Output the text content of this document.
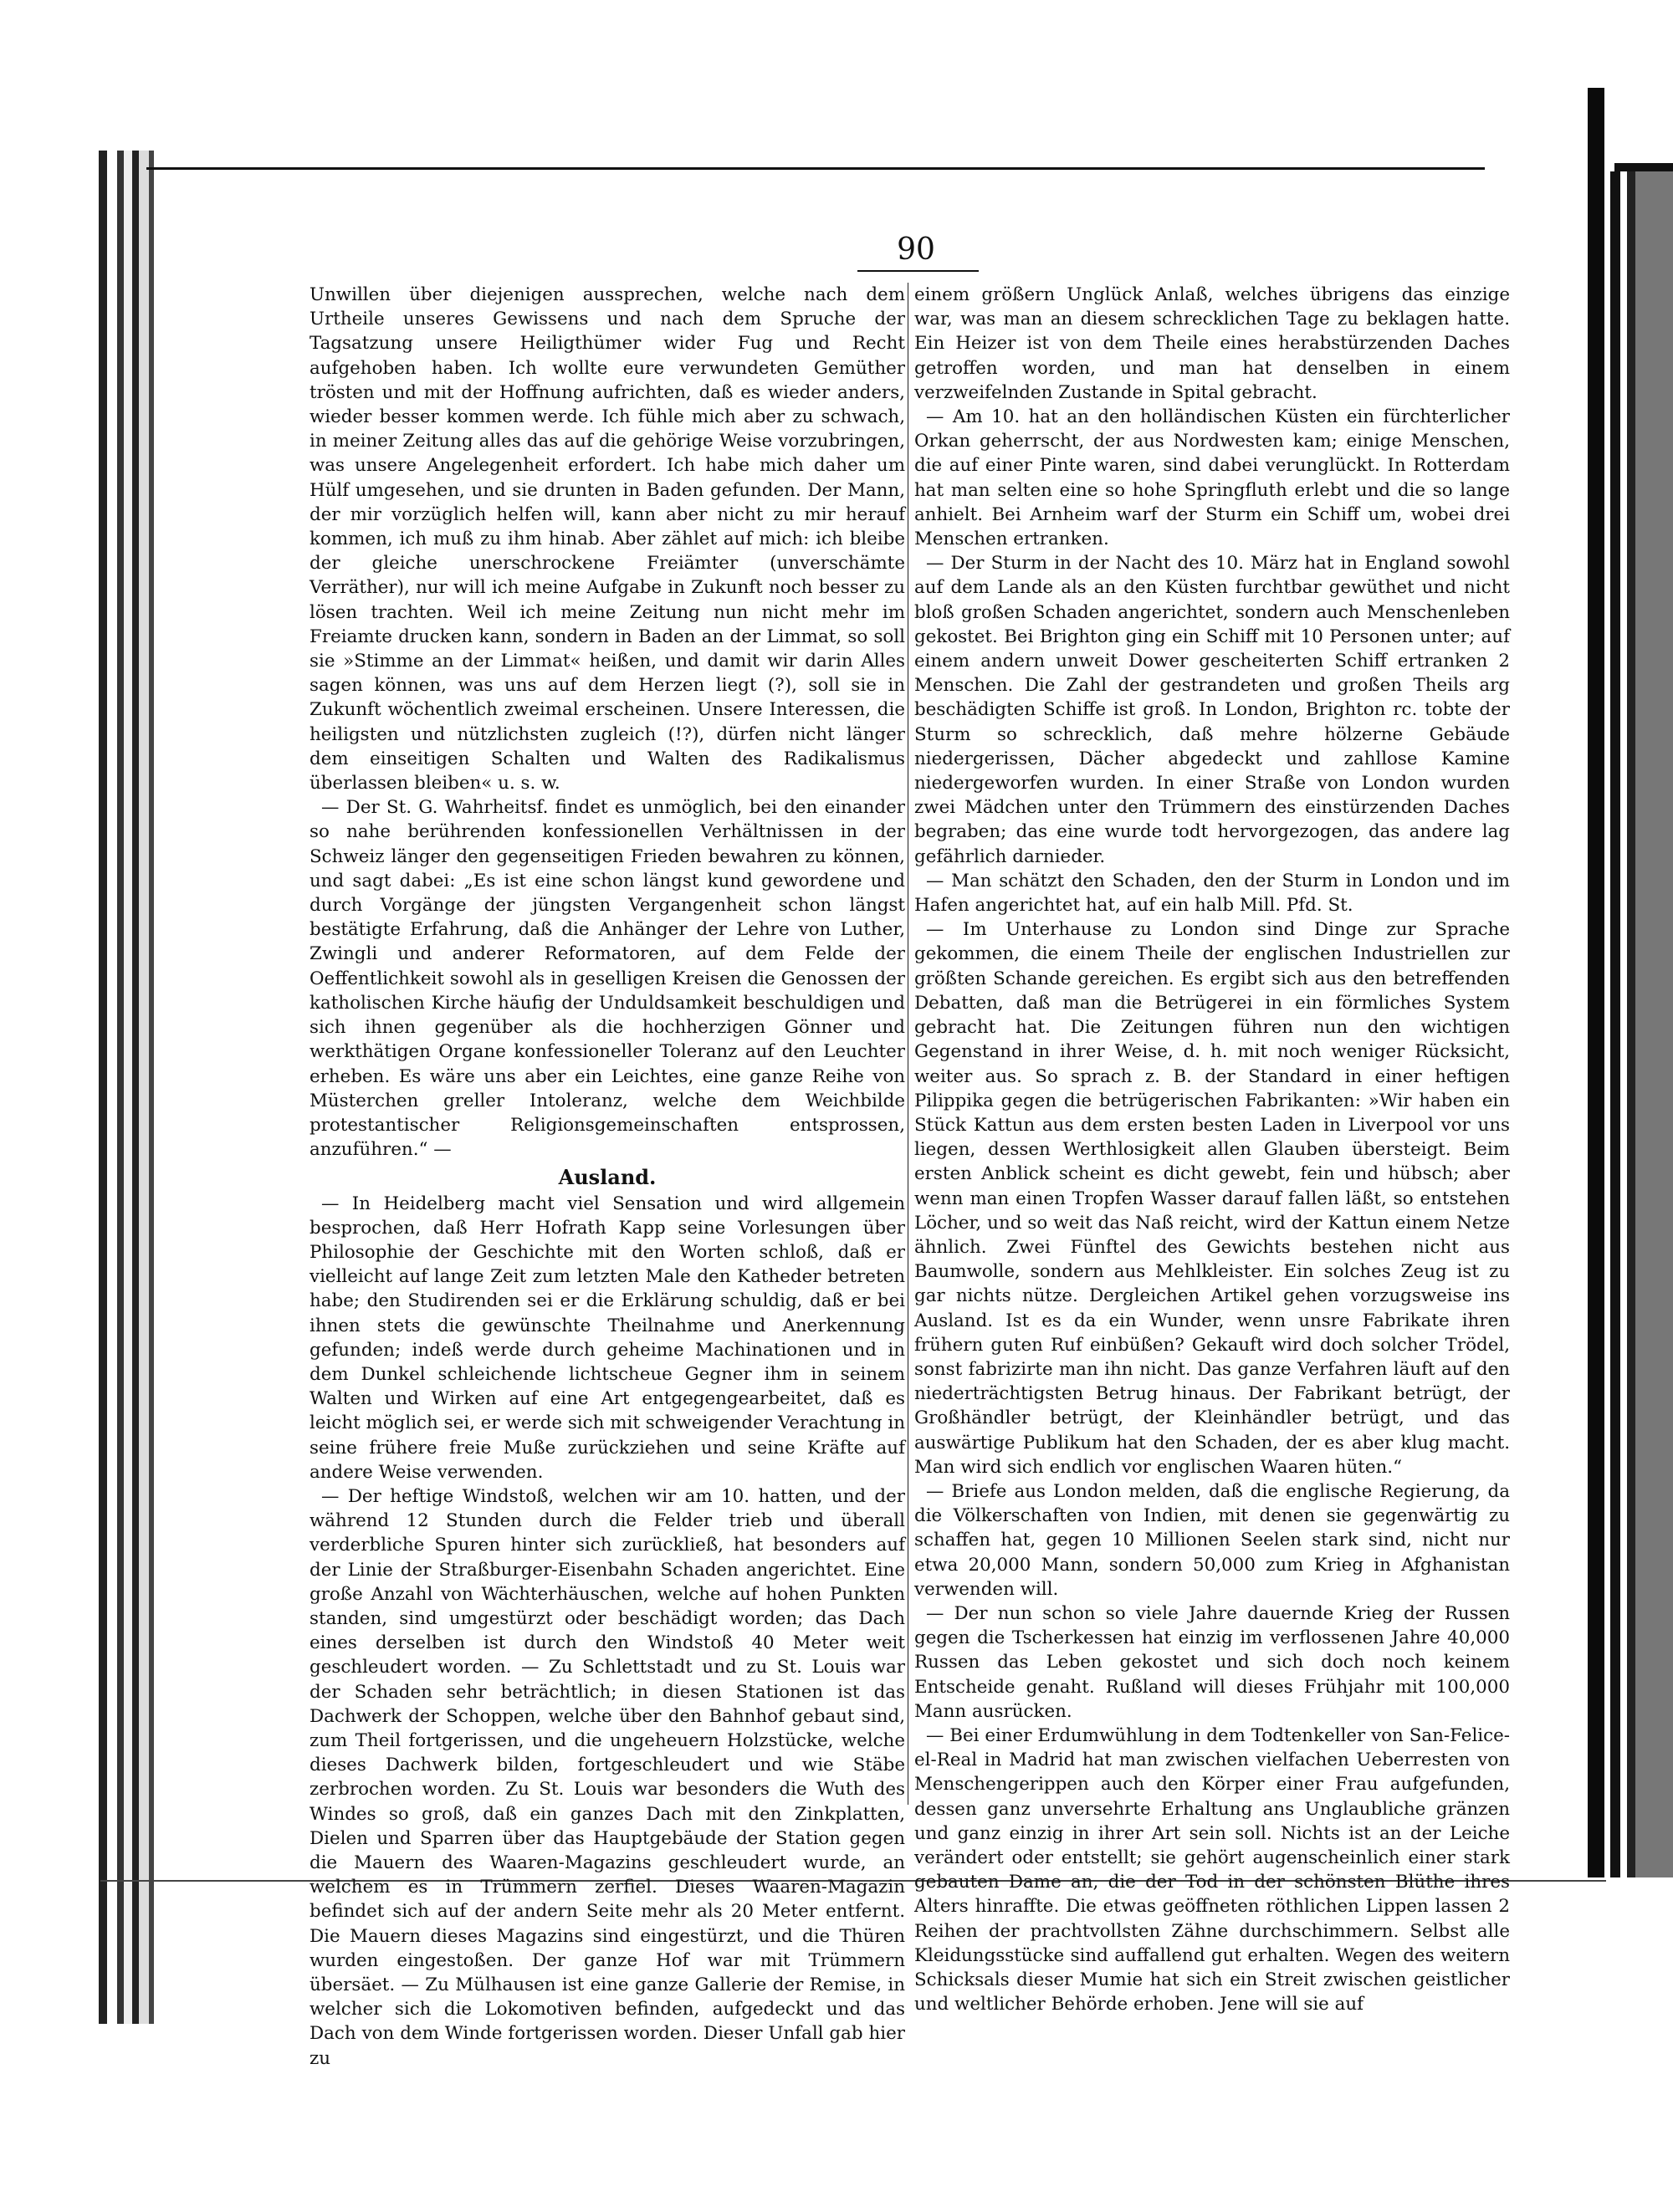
90

Unwillen über diejenigen aussprechen, welche nach dem Urtheile unseres Gewissens und nach dem Spruche der Tagsatzung unsere Heiligthümer wider Fug und Recht aufgehoben haben. Ich wollte eure verwundeten Gemüther trösten und mit der Hoffnung aufrichten, daß es wieder anders, wieder besser kommen werde. Ich fühle mich aber zu schwach, in meiner Zeitung alles das auf die gehörige Weise vorzubringen, was unsere Angelegenheit erfordert. Ich habe mich daher um Hülf umgesehen, und sie drunten in Baden gefunden. Der Mann, der mir vorzüglich helfen will, kann aber nicht zu mir herauf kommen, ich muß zu ihm hinab. Aber zählet auf mich: ich bleibe der gleiche unerschrockene Freiämter (unverschämte Verräther), nur will ich meine Aufgabe in Zukunft noch besser zu lösen trachten. Weil ich meine Zeitung nun nicht mehr im Freiamte drucken kann, sondern in Baden an der Limmat, so soll sie »Stimme an der Limmat« heißen, und damit wir darin Alles sagen können, was uns auf dem Herzen liegt (?), soll sie in Zukunft wöchentlich zweimal erscheinen. Unsere Interessen, die heiligsten und nützlichsten zugleich (!?), dürfen nicht länger dem einseitigen Schalten und Walten des Radikalismus überlassen bleiben« u. s. w.

— Der St. G. Wahrheitsf. findet es unmöglich, bei den einander so nahe berührenden konfessionellen Verhältnissen in der Schweiz länger den gegenseitigen Frieden bewahren zu können, und sagt dabei: „Es ist eine schon längst kund gewordene und durch Vorgänge der jüngsten Vergangenheit schon längst bestätigte Erfahrung, daß die Anhänger der Lehre von Luther, Zwingli und anderer Reformatoren, auf dem Felde der Oeffentlichkeit sowohl als in geselligen Kreisen die Genossen der katholischen Kirche häufig der Unduldsamkeit beschuldigen und sich ihnen gegenüber als die hochherzigen Gönner und werkthätigen Organe konfessioneller Toleranz auf den Leuchter erheben. Es wäre uns aber ein Leichtes, eine ganze Reihe von Müsterchen greller Intoleranz, welche dem Weichbilde protestantischer Religionsgemeinschaften entsprossen, anzuführen.“ —

Ausland.

— In Heidelberg macht viel Sensation und wird allgemein besprochen, daß Herr Hofrath Kapp seine Vorlesungen über Philosophie der Geschichte mit den Worten schloß, daß er vielleicht auf lange Zeit zum letzten Male den Katheder betreten habe; den Studirenden sei er die Erklärung schuldig, daß er bei ihnen stets die gewünschte Theilnahme und Anerkennung gefunden; indeß werde durch geheime Machinationen und in dem Dunkel schleichende lichtscheue Gegner ihm in seinem Walten und Wirken auf eine Art entgegengearbeitet, daß es leicht möglich sei, er werde sich mit schweigender Verachtung in seine frühere freie Muße zurückziehen und seine Kräfte auf andere Weise verwenden.

— Der heftige Windstoß, welchen wir am 10. hatten, und der während 12 Stunden durch die Felder trieb und überall verderbliche Spuren hinter sich zurückließ, hat besonders auf der Linie der Straßburger-Eisenbahn Schaden angerichtet. Eine große Anzahl von Wächterhäuschen, welche auf hohen Punkten standen, sind umgestürzt oder beschädigt worden; das Dach eines derselben ist durch den Windstoß 40 Meter weit geschleudert worden. — Zu Schlettstadt und zu St. Louis war der Schaden sehr beträchtlich; in diesen Stationen ist das Dachwerk der Schoppen, welche über den Bahnhof gebaut sind, zum Theil fortgerissen, und die ungeheuern Holzstücke, welche dieses Dachwerk bilden, fortgeschleudert und wie Stäbe zerbrochen worden. Zu St. Louis war besonders die Wuth des Windes so groß, daß ein ganzes Dach mit den Zinkplatten, Dielen und Sparren über das Hauptgebäude der Station gegen die Mauern des Waaren-Magazins geschleudert wurde, an welchem es in Trümmern zerfiel. Dieses Waaren-Magazin befindet sich auf der andern Seite mehr als 20 Meter entfernt. Die Mauern dieses Magazins sind eingestürzt, und die Thüren wurden eingestoßen. Der ganze Hof war mit Trümmern übersäet. — Zu Mülhausen ist eine ganze Gallerie der Remise, in welcher sich die Lokomotiven befinden, aufgedeckt und das Dach von dem Winde fortgerissen worden. Dieser Unfall gab hier zu

einem größern Unglück Anlaß, welches übrigens das einzige war, was man an diesem schrecklichen Tage zu beklagen hatte. Ein Heizer ist von dem Theile eines herabstürzenden Daches getroffen worden, und man hat denselben in einem verzweifelnden Zustande in Spital gebracht.

— Am 10. hat an den holländischen Küsten ein fürchterlicher Orkan geherrscht, der aus Nordwesten kam; einige Menschen, die auf einer Pinte waren, sind dabei verunglückt. In Rotterdam hat man selten eine so hohe Springfluth erlebt und die so lange anhielt. Bei Arnheim warf der Sturm ein Schiff um, wobei drei Menschen ertranken.

— Der Sturm in der Nacht des 10. März hat in England sowohl auf dem Lande als an den Küsten furchtbar gewüthet und nicht bloß großen Schaden angerichtet, sondern auch Menschenleben gekostet. Bei Brighton ging ein Schiff mit 10 Personen unter; auf einem andern unweit Dower gescheiterten Schiff ertranken 2 Menschen. Die Zahl der gestrandeten und großen Theils arg beschädigten Schiffe ist groß. In London, Brighton rc. tobte der Sturm so schrecklich, daß mehre hölzerne Gebäude niedergerissen, Dächer abgedeckt und zahllose Kamine niedergeworfen wurden. In einer Straße von London wurden zwei Mädchen unter den Trümmern des einstürzenden Daches begraben; das eine wurde todt hervorgezogen, das andere lag gefährlich darnieder.

— Man schätzt den Schaden, den der Sturm in London und im Hafen angerichtet hat, auf ein halb Mill. Pfd. St.

— Im Unterhause zu London sind Dinge zur Sprache gekommen, die einem Theile der englischen Industriellen zur größten Schande gereichen. Es ergibt sich aus den betreffenden Debatten, daß man die Betrügerei in ein förmliches System gebracht hat. Die Zeitungen führen nun den wichtigen Gegenstand in ihrer Weise, d. h. mit noch weniger Rücksicht, weiter aus. So sprach z. B. der Standard in einer heftigen Pilippika gegen die betrügerischen Fabrikanten: »Wir haben ein Stück Kattun aus dem ersten besten Laden in Liverpool vor uns liegen, dessen Werthlosigkeit allen Glauben übersteigt. Beim ersten Anblick scheint es dicht gewebt, fein und hübsch; aber wenn man einen Tropfen Wasser darauf fallen läßt, so entstehen Löcher, und so weit das Naß reicht, wird der Kattun einem Netze ähnlich. Zwei Fünftel des Gewichts bestehen nicht aus Baumwolle, sondern aus Mehlkleister. Ein solches Zeug ist zu gar nichts nütze. Dergleichen Artikel gehen vorzugsweise ins Ausland. Ist es da ein Wunder, wenn unsre Fabrikate ihren frühern guten Ruf einbüßen? Gekauft wird doch solcher Trödel, sonst fabrizirte man ihn nicht. Das ganze Verfahren läuft auf den niederträchtigsten Betrug hinaus. Der Fabrikant betrügt, der Großhändler betrügt, der Kleinhändler betrügt, und das auswärtige Publikum hat den Schaden, der es aber klug macht. Man wird sich endlich vor englischen Waaren hüten.“

— Briefe aus London melden, daß die englische Regierung, da die Völkerschaften von Indien, mit denen sie gegenwärtig zu schaffen hat, gegen 10 Millionen Seelen stark sind, nicht nur etwa 20,000 Mann, sondern 50,000 zum Krieg in Afghanistan verwenden will.

— Der nun schon so viele Jahre dauernde Krieg der Russen gegen die Tscherkessen hat einzig im verflossenen Jahre 40,000 Russen das Leben gekostet und sich doch noch keinem Entscheide genaht. Rußland will dieses Frühjahr mit 100,000 Mann ausrücken.

— Bei einer Erdumwühlung in dem Todtenkeller von San-Felice-el-Real in Madrid hat man zwischen vielfachen Ueberresten von Menschengerippen auch den Körper einer Frau aufgefunden, dessen ganz unversehrte Erhaltung ans Unglaubliche gränzen und ganz einzig in ihrer Art sein soll. Nichts ist an der Leiche verändert oder entstellt; sie gehört augenscheinlich einer stark gebauten Dame an, die der Tod in der schönsten Blüthe ihres Alters hinraffte. Die etwas geöffneten röthlichen Lippen lassen 2 Reihen der prachtvollsten Zähne durchschimmern. Selbst alle Kleidungsstücke sind auffallend gut erhalten. Wegen des weitern Schicksals dieser Mumie hat sich ein Streit zwischen geistlicher und weltlicher Behörde erhoben. Jene will sie auf
